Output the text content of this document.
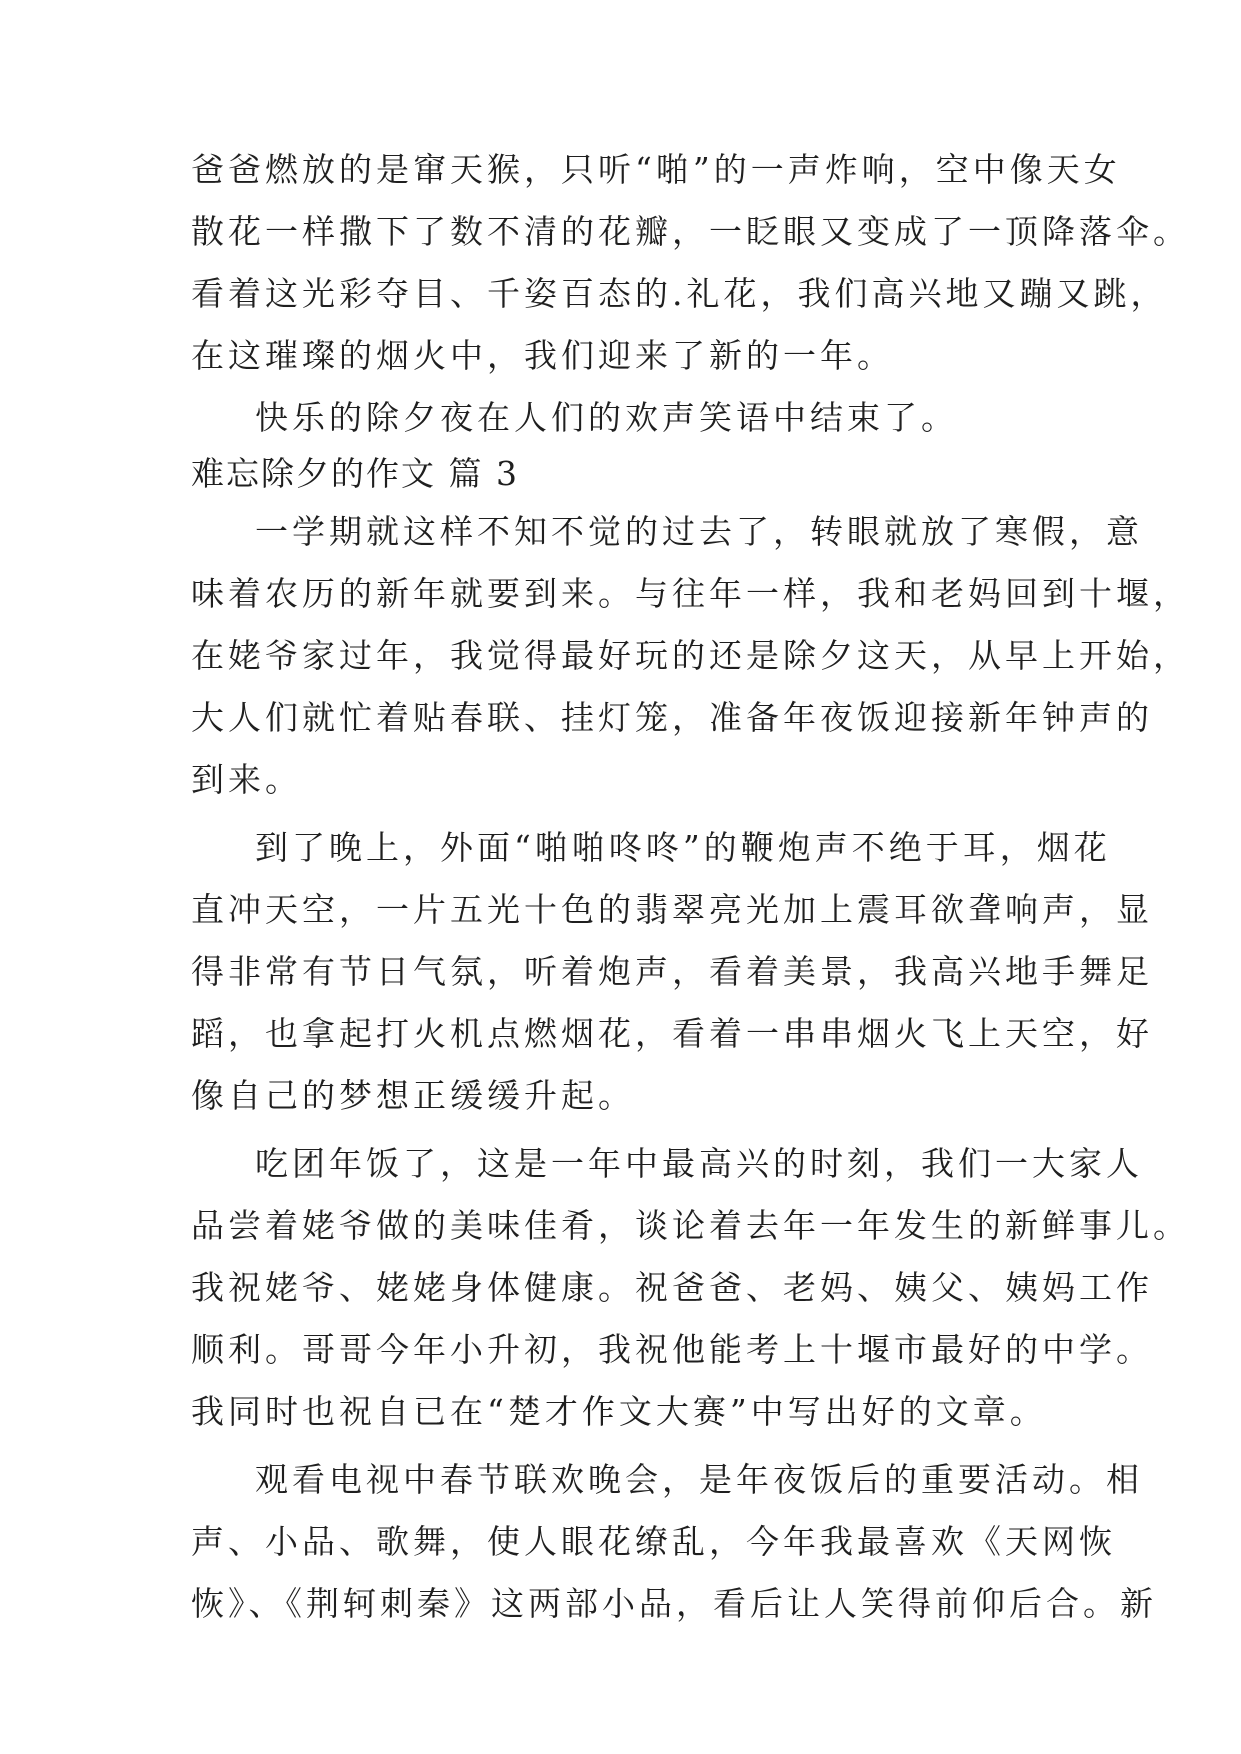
爸爸燃放的是窜天猴，只听“啪”的一声炸响，空中像天女
散花一样撒下了数不清的花瓣，一眨眼又变成了一顶降落伞。
看着这光彩夺目、千姿百态的.礼花，我们高兴地又蹦又跳，
在这璀璨的烟火中，我们迎来了新的一年。
快乐的除夕夜在人们的欢声笑语中结束了。
难忘除夕的作文 篇 3
一学期就这样不知不觉的过去了，转眼就放了寒假，意
味着农历的新年就要到来。与往年一样，我和老妈回到十堰，
在姥爷家过年，我觉得最好玩的还是除夕这天，从早上开始，
大人们就忙着贴春联、挂灯笼，准备年夜饭迎接新年钟声的
到来。
到了晚上，外面“啪啪咚咚”的鞭炮声不绝于耳，烟花
直冲天空，一片五光十色的翡翠亮光加上震耳欲聋响声，显
得非常有节日气氛，听着炮声，看着美景，我高兴地手舞足
蹈，也拿起打火机点燃烟花，看着一串串烟火飞上天空，好
像自己的梦想正缓缓升起。
吃团年饭了，这是一年中最高兴的时刻，我们一大家人
品尝着姥爷做的美味佳肴，谈论着去年一年发生的新鲜事儿。
我祝姥爷、姥姥身体健康。祝爸爸、老妈、姨父、姨妈工作
顺利。哥哥今年小升初，我祝他能考上十堰市最好的中学。
我同时也祝自已在“楚才作文大赛”中写出好的文章。
观看电视中春节联欢晚会，是年夜饭后的重要活动。相
声、小品、歌舞，使人眼花缭乱，今年我最喜欢《天网恢
恢》、《荆轲刺秦》这两部小品，看后让人笑得前仰后合。新
